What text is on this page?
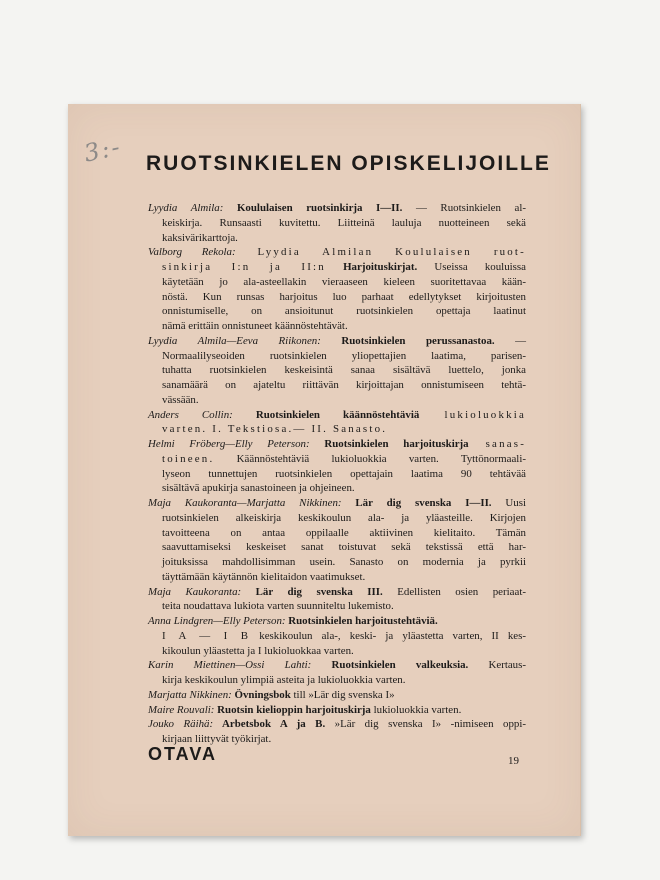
3:- RUOTSINKIELEN OPISKELIJOILLE
Lyydia Almila: Koululaisen ruotsinkirja I—II. — Ruotsinkielen al-
keiskirja. Runsaasti kuvitettu. Liitteinä lauluja nuotteineen sekä
kaksivärikarttoja.
Valborg Rekola: Lyydia Almilan Koululaisen ruot-
sinkirja I:n ja II:n Harjoituskirjat. Useissa kouluissa
käytetään jo ala-asteellakin vieraaseen kieleen suoritettavaa kään-
nöstä. Kun runsas harjoitus luo parhaat edellytykset kirjoitusten
onnistumiselle, on ansioitunut ruotsinkielen opettaja laatinut
nämä erittäin onnistuneet käännöstehtävät.
Lyydia Almila—Eeva Riikonen: Ruotsinkielen perussanastoa. —
Normaalilyseoiden ruotsinkielen yliopettajien laatima, parisen-
tuhatta ruotsinkielen keskeisintä sanaa sisältävä luettelo, jonka
sanamäärä on ajateltu riittävän kirjoittajan onnistumiseen tehtä-
vässään.
Anders Collin: Ruotsinkielen käännöstehtäviä lukioluokkia
varten. I. Tekstiosa.— II. Sanasto.
Helmi Fröberg—Elly Peterson: Ruotsinkielen harjoituskirja sanas-
toineen. Käännöstehtäviä lukioluokkia varten. Tyttönormaali-
lyseon tunnettujen ruotsinkielen opettajain laatima 90 tehtävää
sisältävä apukirja sanastoineen ja ohjeineen.
Maja Kaukoranta—Marjatta Nikkinen: Lär dig svenska I—II. Uusi
ruotsinkielen alkeiskirja keskikoulun ala- ja yläasteille. Kirjojen
tavoitteena on antaa oppilaalle aktiivinen kielitaito. Tämän
saavuttamiseksi keskeiset sanat toistuvat sekä tekstissä että har-
joituksissa mahdollisimman usein. Sanasto on modernia ja pyrkii
täyttämään käytännön kielitaidon vaatimukset.
Maja Kaukoranta: Lär dig svenska III. Edellisten osien periaat-
teita noudattava lukiota varten suunniteltu lukemisto.
Anna Lindgren—Elly Peterson: Ruotsinkielen harjoitustehtäviä.
I A — I B keskikoulun ala-, keski- ja yläastetta varten, II kes-
kikoulun yläastetta ja I lukioluokkaa varten.
Karin Miettinen—Ossi Lahti: Ruotsinkielen valkeuksia. Kertaus-
kirja keskikoulun ylimpiä asteita ja lukioluokkia varten.
Marjatta Nikkinen: Övningsbok till »Lär dig svenska I»
Maire Rouvali: Ruotsin kielioppin harjoituskirja lukioluokkia varten.
Jouko Räihä: Arbetsbok A ja B. »Lär dig svenska I» -nimiseen oppi-
kirjaan liittyvät työkirjat.
OTAVA	19
